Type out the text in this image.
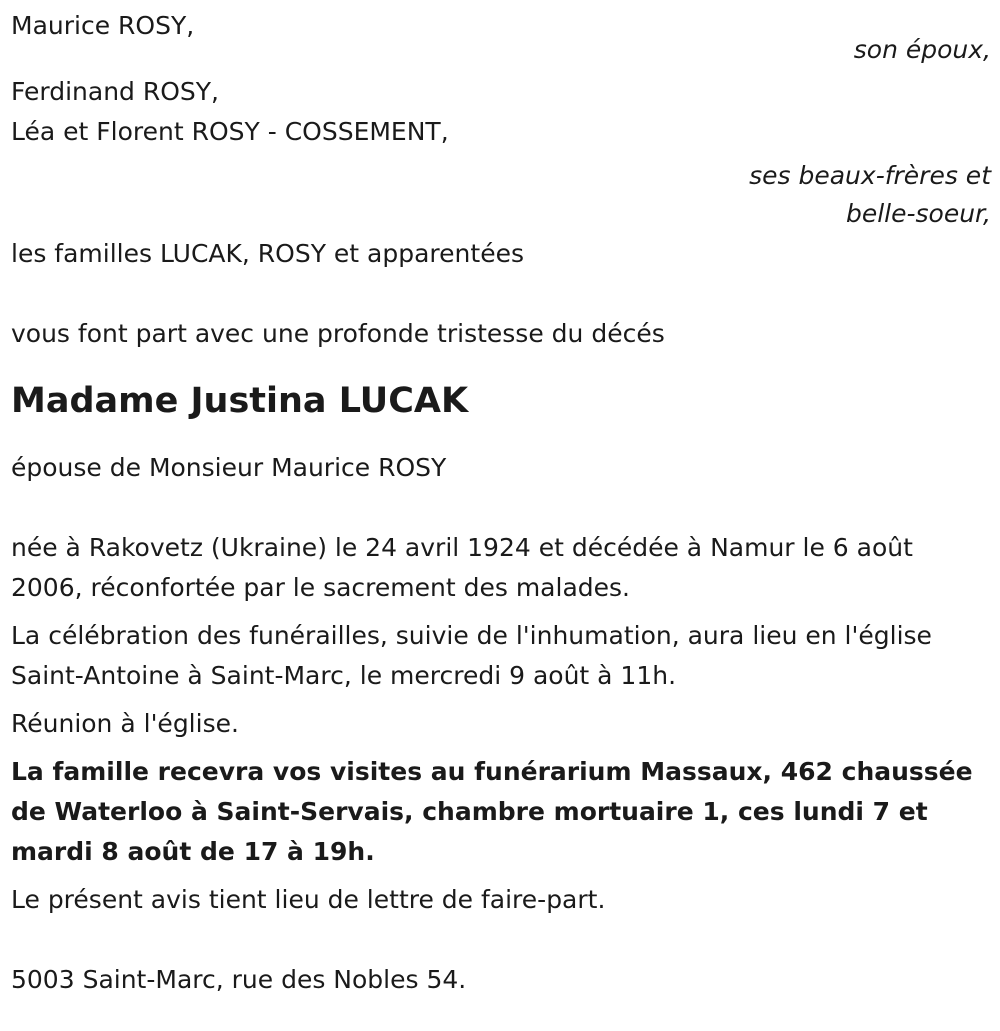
Maurice ROSY,
son époux,
Ferdinand ROSY,
Léa et Florent ROSY - COSSEMENT,
ses beaux-frères et
belle-soeur,
les familles LUCAK, ROSY et apparentées
vous font part avec une profonde tristesse du décés
Madame Justina LUCAK
épouse de Monsieur Maurice ROSY
née à Rakovetz (Ukraine) le 24 avril 1924 et décédée à Namur le 6 août 2006, réconfortée par le sacrement des malades.
La célébration des funérailles, suivie de l'inhumation, aura lieu en l'église Saint-Antoine à Saint-Marc, le mercredi 9 août à 11h.
Réunion à l'église.
La famille recevra vos visites au funérarium Massaux, 462 chaussée de Waterloo à Saint-Servais, chambre mortuaire 1, ces lundi 7 et mardi 8 août de 17 à 19h.
Le présent avis tient lieu de lettre de faire-part.
5003 Saint-Marc, rue des Nobles 54.
